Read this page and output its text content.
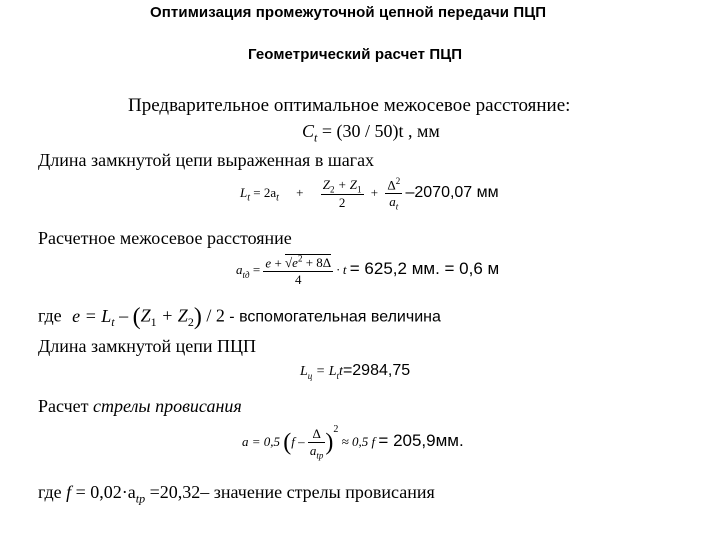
Оптимизация промежуточной цепной передачи ПЦП
Геометрический расчет ПЦП
Предварительное оптимальное межосевое расстояние:
$C_t = (30 / 50)t$ , мм
Длина замкнутой цепи выраженная в шагах
$L_t = 2a_t + \frac{Z_2 + Z_1}{2} + \frac{\Delta^2}{a_t} -2070,07$ мм
Расчетное межосевое расстояние
$a_{tд} = \frac{e + √e^2 + 8\Delta}{4} \cdot t = 625,2$ мм. = 0,6 м
где $e = L_t - (Z_1 + Z_2) / 2$ - вспомогательная величина
Длина замкнутой цепи ПЦП
$L_ц = L_tt=2984,75$
Расчет стрелы провисания
a = 0,5 $(f - \frac{\Delta}{a_{tр}} )^2 \approx 0,5$ f = 205,9мм.
где $f = 0,02\cdot a_{tр} =20,32-$ значение стрелы провисания
